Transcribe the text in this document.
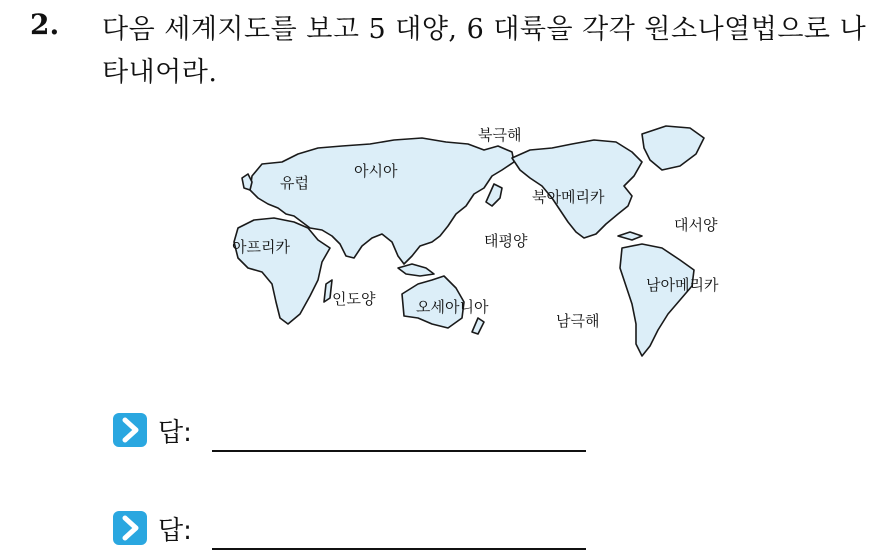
2. 다음 세계지도를 보고 5 대양, 6 대륙을 각각 원소나열법으로 나타내어라.
북극해
아시아
유럽
아프리카
인도양	오세아니아
태평양
북아메리카
대서양
남아메리카
남극해
답:
답:
